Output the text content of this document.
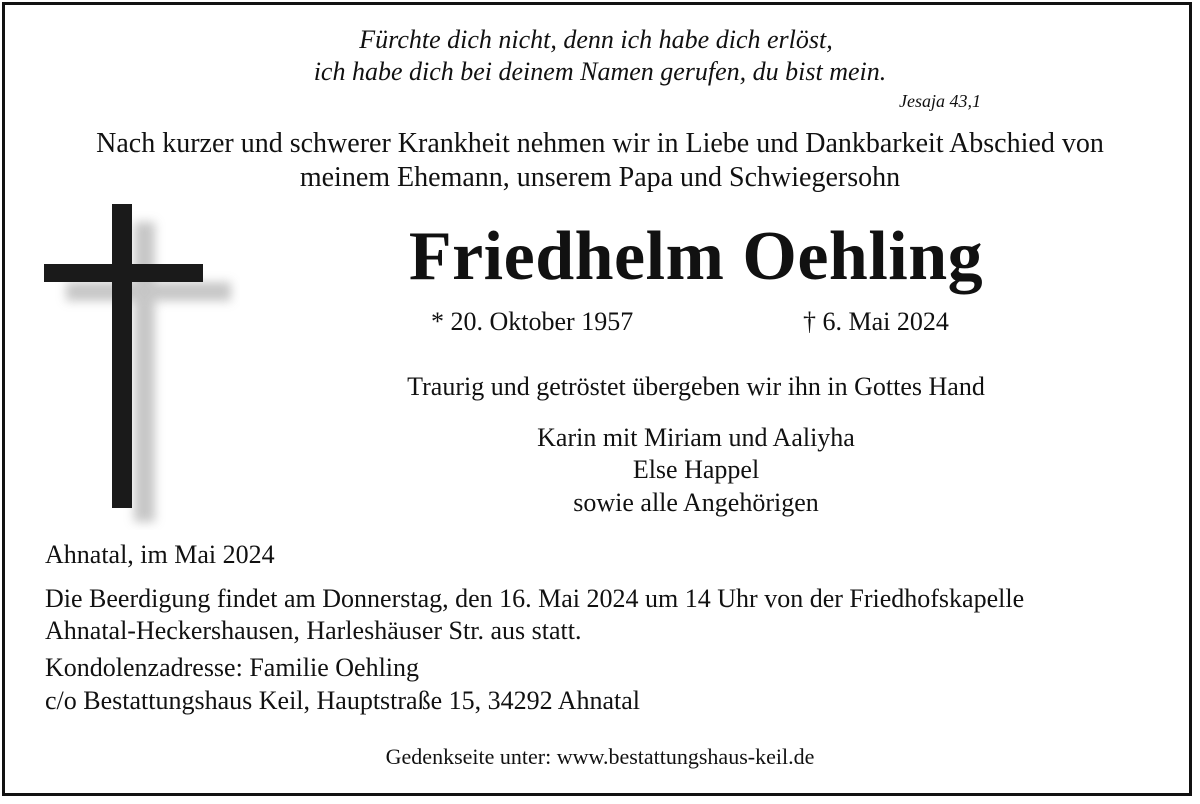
Fürchte dich nicht, denn ich habe dich erlöst,
ich habe dich bei deinem Namen gerufen, du bist mein.
Jesaja 43,1
Nach kurzer und schwerer Krankheit nehmen wir in Liebe und Dankbarkeit Abschied von
meinem Ehemann, unserem Papa und Schwiegersohn
Friedhelm Oehling
* 20. Oktober 1957	† 6. Mai 2024
Traurig und getröstet übergeben wir ihn in Gottes Hand
Karin mit Miriam und Aaliyha
Else Happel
sowie alle Angehörigen
Ahnatal, im Mai 2024
Die Beerdigung findet am Donnerstag, den 16. Mai 2024 um 14 Uhr von der Friedhofskapelle
Ahnatal-Heckershausen, Harleshäuser Str. aus statt.
Kondolenzadresse: Familie Oehling
c/o Bestattungshaus Keil, Hauptstraße 15, 34292 Ahnatal
Gedenkseite unter: www.bestattungshaus-keil.de
